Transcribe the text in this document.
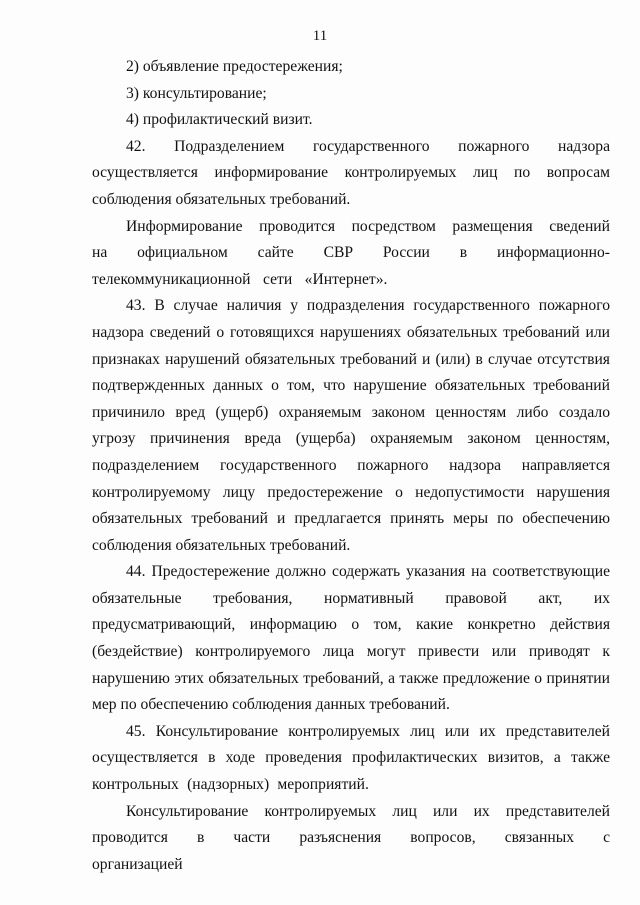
11

2) объявление предостережения;

3) консультирование;

4) профилактический визит.

42. Подразделением государственного пожарного надзора осуществляется информирование контролируемых лиц по вопросам соблюдения обязательных требований.

Информирование проводится посредством размещения сведений на официальном сайте СВР России в информационно-телекоммуникационной сети «Интернет».

43. В случае наличия у подразделения государственного пожарного надзора сведений о готовящихся нарушениях обязательных требований или признаках нарушений обязательных требований и (или) в случае отсутствия подтвержденных данных о том, что нарушение обязательных требований причинило вред (ущерб) охраняемым законом ценностям либо создало угрозу причинения вреда (ущерба) охраняемым законом ценностям, подразделением государственного пожарного надзора направляется контролируемому лицу предостережение о недопустимости нарушения обязательных требований и предлагается принять меры по обеспечению соблюдения обязательных требований.

44. Предостережение должно содержать указания на соответствующие обязательные требования, нормативный правовой акт, их предусматривающий, информацию о том, какие конкретно действия (бездействие) контролируемого лица могут привести или приводят к нарушению этих обязательных требований, а также предложение о принятии мер по обеспечению соблюдения данных требований.

45. Консультирование контролируемых лиц или их представителей осуществляется в ходе проведения профилактических визитов, а также контрольных (надзорных) мероприятий.

Консультирование контролируемых лиц или их представителей проводится в части разъяснения вопросов, связанных с организацией
